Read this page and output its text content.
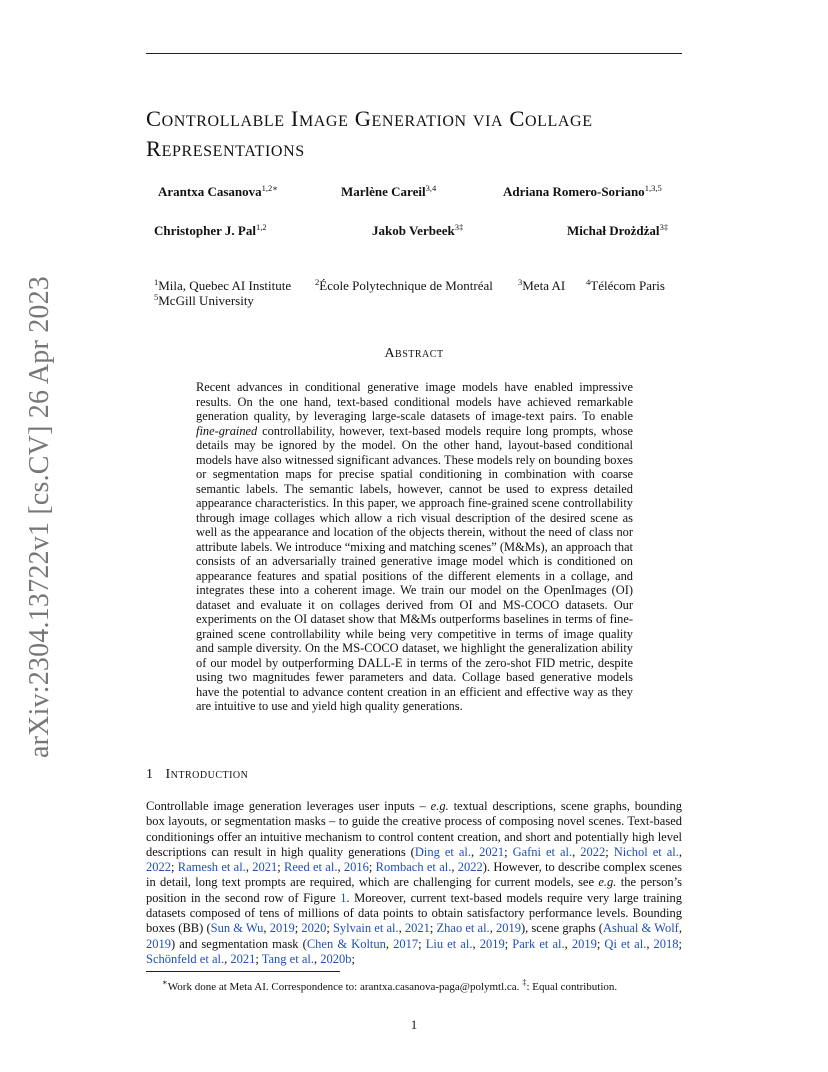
arXiv:2304.13722v1 [cs.CV] 26 Apr 2023
Controllable Image Generation via Collage Representations
Arantxa Casanova$^{1,2∗}$	Marlène Careil$^{3,4}$	Adriana Romero-Soriano$^{1,3,5}$
Christopher J. Pal$^{1,2}$	Jakob Verbeek$^{3\ddagger}$	Michał Drożdżal$^{3\ddagger}$
$^1$Mila, Quebec AI Institute	$^2$École Polytechnique de Montréal	$^3$Meta AI $^4$Télécom Paris
$^5$McGill University
Abstract

Recent advances in conditional generative image models have enabled impressive results. On the one hand, text-based conditional models have achieved remarkable generation quality, by leveraging large-scale datasets of image-text pairs. To enable fine-grained controllability, however, text-based models require long prompts, whose details may be ignored by the model. On the other hand, layout-based conditional models have also witnessed significant advances. These models rely on bounding boxes or segmentation maps for precise spatial conditioning in combination with coarse semantic labels. The semantic labels, however, cannot be used to express detailed appearance characteristics. In this paper, we approach fine-grained scene controllability through image collages which allow a rich visual description of the desired scene as well as the appearance and location of the objects therein, without the need of class nor attribute labels. We introduce “mixing and matching scenes” (M&Ms), an approach that consists of an adversarially trained generative image model which is conditioned on appearance features and spatial positions of the different elements in a collage, and integrates these into a coherent image. We train our model on the OpenImages (OI) dataset and evaluate it on collages derived from OI and MS-COCO datasets. Our experiments on the OI dataset show that M&Ms outperforms baselines in terms of fine-grained scene controllability while being very competitive in terms of image quality and sample diversity. On the MS-COCO dataset, we highlight the generalization ability of our model by outperforming DALL-E in terms of the zero-shot FID metric, despite using two magnitudes fewer parameters and data. Collage based generative models have the potential to advance content creation in an efficient and effective way as they are intuitive to use and yield high quality generations.

1 Introduction
Controllable image generation leverages user inputs – e.g. textual descriptions, scene graphs, bounding box layouts, or segmentation masks – to guide the creative process of composing novel scenes. Text-based conditionings offer an intuitive mechanism to control content creation, and short and potentially high level descriptions can result in high quality generations (Ding et al., 2021; Gafni et al., 2022; Nichol et al., 2022; Ramesh et al., 2021; Reed et al., 2016; Rombach et al., 2022). However, to describe complex scenes in detail, long text prompts are required, which are challenging for current models, see e.g. the person’s position in the second row of Figure 1. Moreover, current text-based models require very large training datasets composed of tens of millions of data points to obtain satisfactory performance levels. Bounding boxes (BB) (Sun & Wu, 2019; 2020; Sylvain et al., 2021; Zhao et al., 2019), scene graphs (Ashual & Wolf, 2019) and segmentation mask (Chen & Koltun, 2017; Liu et al., 2019; Park et al., 2019; Qi et al., 2018; Schönfeld et al., 2021; Tang et al., 2020b;
∗Work done at Meta AI. Correspondence to: arantxa.casanova-paga@polymtl.ca. ‡: Equal contribution.
1
